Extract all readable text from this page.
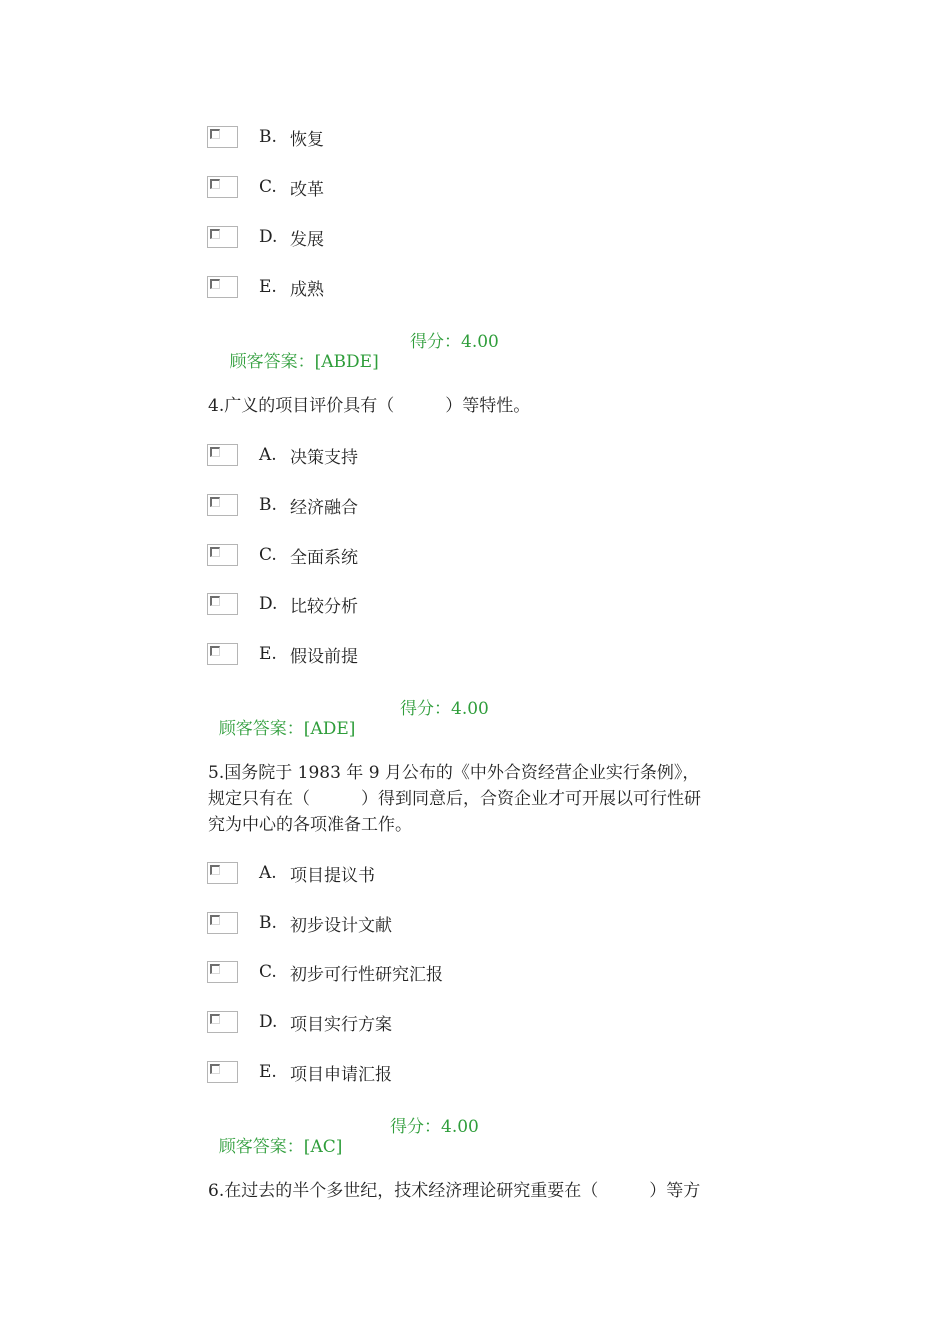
B. 恢复
C. 改革
D. 发展
E. 成熟

顾客答案：[ABDE]

得分：4.00

4.广义的项目评价具有（　　　）等特性。
A. 决策支持
B. 经济融合
C. 全面系统
D. 比较分析
E. 假设前提

顾客答案：[ADE]

得分：4.00

5.国务院于 1983 年 9 月公布的《中外合资经营企业实行条例》，
规定只有在（　　　）得到同意后，合资企业才可开展以可行性研
究为中心的各项准备工作。
A. 项目提议书
B. 初步设计文献
C. 初步可行性研究汇报
D. 项目实行方案
E. 项目申请汇报

顾客答案：[AC]

得分：4.00

6.在过去的半个多世纪，技术经济理论研究重要在（　　　）等方
